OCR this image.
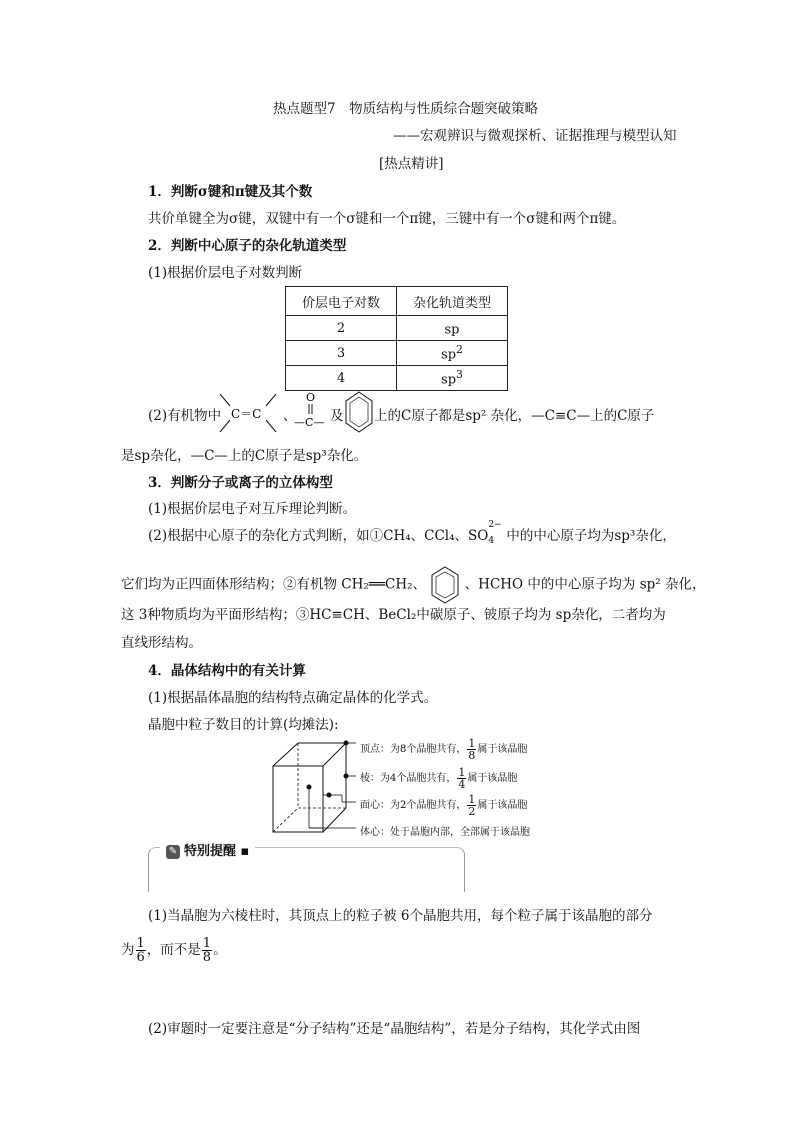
热点题型7　物质结构与性质综合题突破策略
——宏观辨识与微观探析、证据推理与模型认知
[热点精讲]
1．判断σ键和π键及其个数
共价单键全为σ键，双键中有一个σ键和一个π键，三键中有一个σ键和两个π键。
2．判断中心原子的杂化轨道类型
(1)根据价层电子对数判断
价层电子对数	杂化轨道类型
2	sp
3	$sp^2$
4	$sp^3$
(2)有机物中 C＝C 、
O
—C— 及 上的C原子都是sp² 杂化，—C≡C—上的C原子
是sp杂化，—C—上的C原子是sp³杂化。
3．判断分子或离子的立体构型
(1)根据价层电子对互斥理论判断。
(2)根据中心原子的杂化方式判断，如①CH₄、CCl₄、SO
2−
4 中的中心原子均为sp³杂化，
它们均为正四面体形结构；②有机物 CH₂══CH₂、	、HCHO 中的中心原子均为 sp² 杂化，
这 3种物质均为平面形结构；③HC≡CH、BeCl₂中碳原子、铍原子均为 sp杂化，二者均为
直线形结构。
4．晶体结构中的有关计算
(1)根据晶体晶胞的结构特点确定晶体的化学式。
晶胞中粒子数目的计算(均摊法):
顶点：为8个晶胞共有， $\frac{1}{8}$ 属于该晶胞
棱：为4个晶胞共有， $\frac{1}{4}$ 属于该晶胞
面心：为2个晶胞共有， $\frac{1}{2}$ 属于该晶胞
体心：处于晶胞内部，全部属于该晶胞
✎ 特别提醒 ▪
(1)当晶胞为六棱柱时，其顶点上的粒子被 6个晶胞共用，每个粒子属于该晶胞的部分
为 $\frac{1}{6}$ ，而不是 $\frac{1}{8}$ 。
(2)审题时一定要注意是“分子结构”还是“晶胞结构”，若是分子结构，其化学式由图
